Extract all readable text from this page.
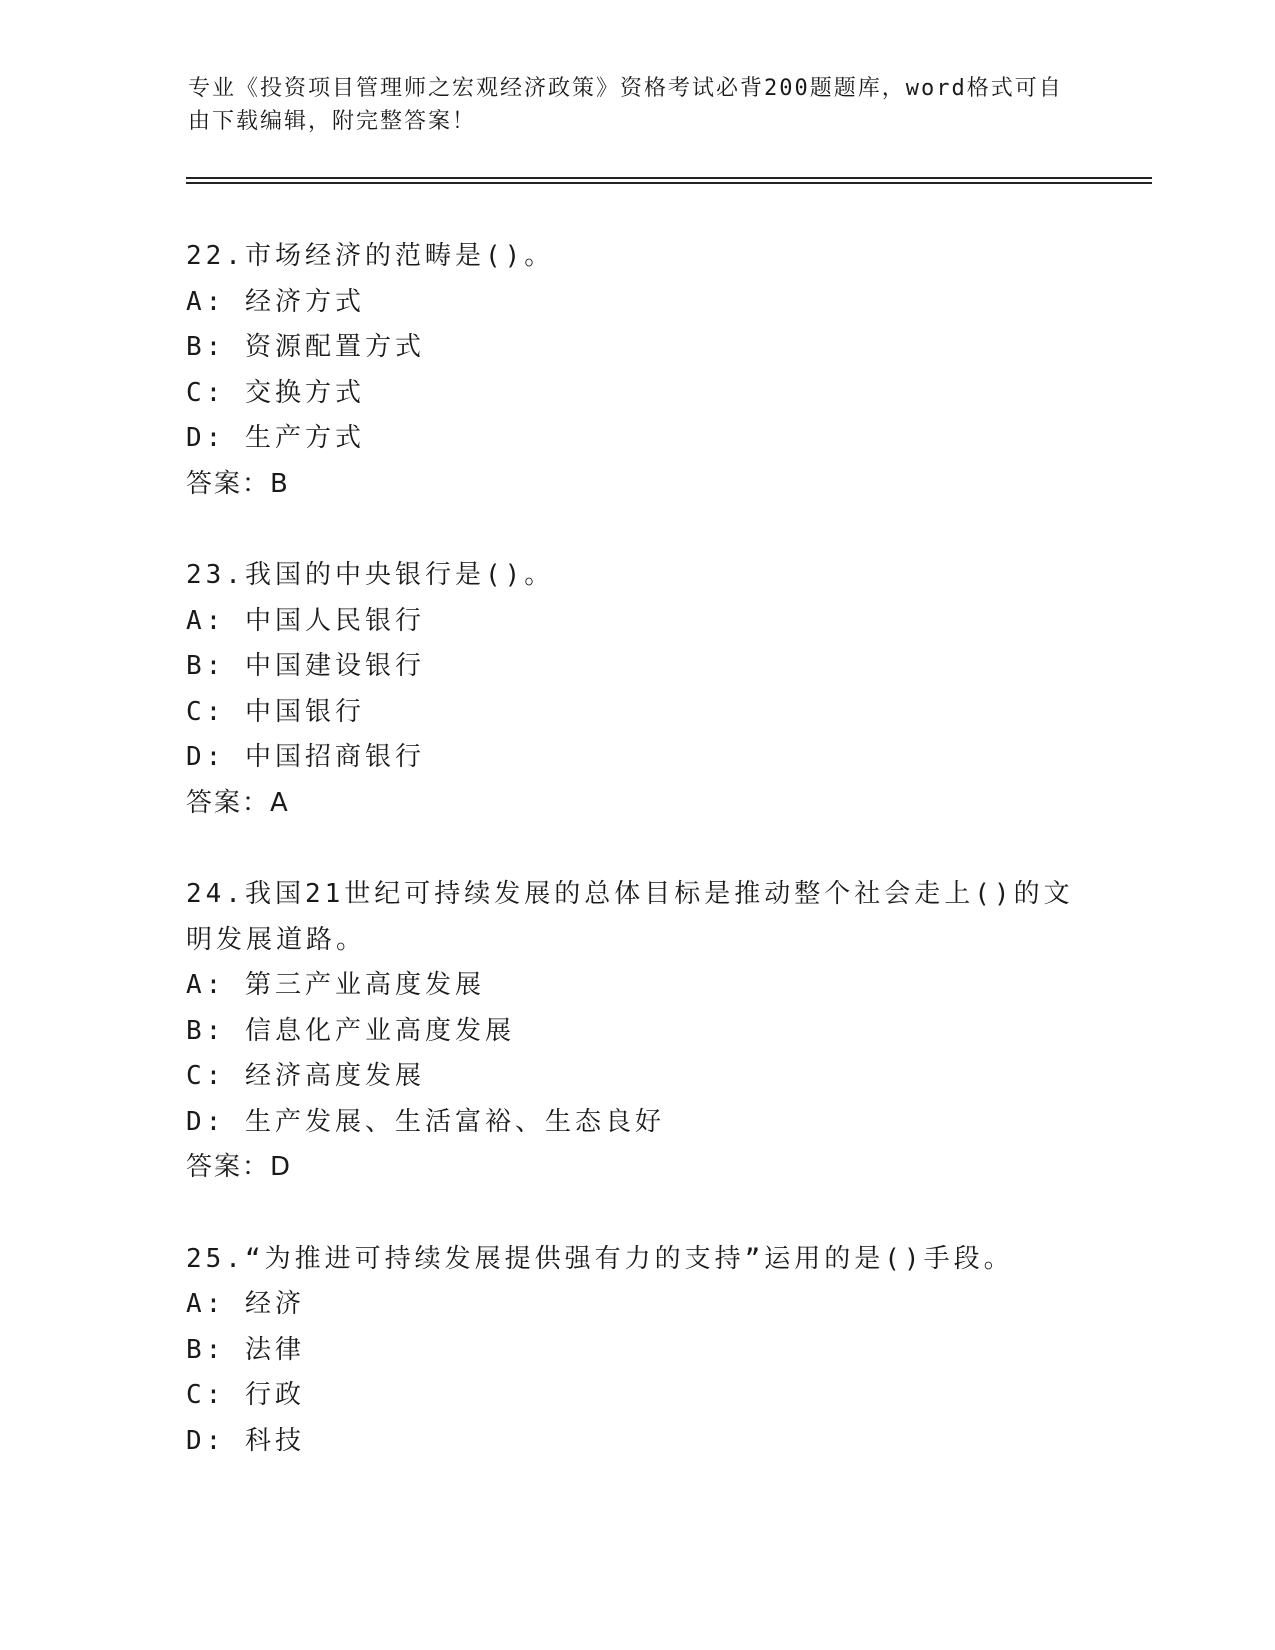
专业《投资项目管理师之宏观经济政策》资格考试必背200题题库，word格式可自由下载编辑，附完整答案！
22.市场经济的范畴是()。
A: 经济方式
B: 资源配置方式
C: 交换方式
D: 生产方式
答案：B
23.我国的中央银行是()。
A: 中国人民银行
B: 中国建设银行
C: 中国银行
D: 中国招商银行
答案：A
24.我国21世纪可持续发展的总体目标是推动整个社会走上()的文明发展道路。
A: 第三产业高度发展
B: 信息化产业高度发展
C: 经济高度发展
D: 生产发展、生活富裕、生态良好
答案：D
25.“为推进可持续发展提供强有力的支持”运用的是()手段。
A: 经济
B: 法律
C: 行政
D: 科技
